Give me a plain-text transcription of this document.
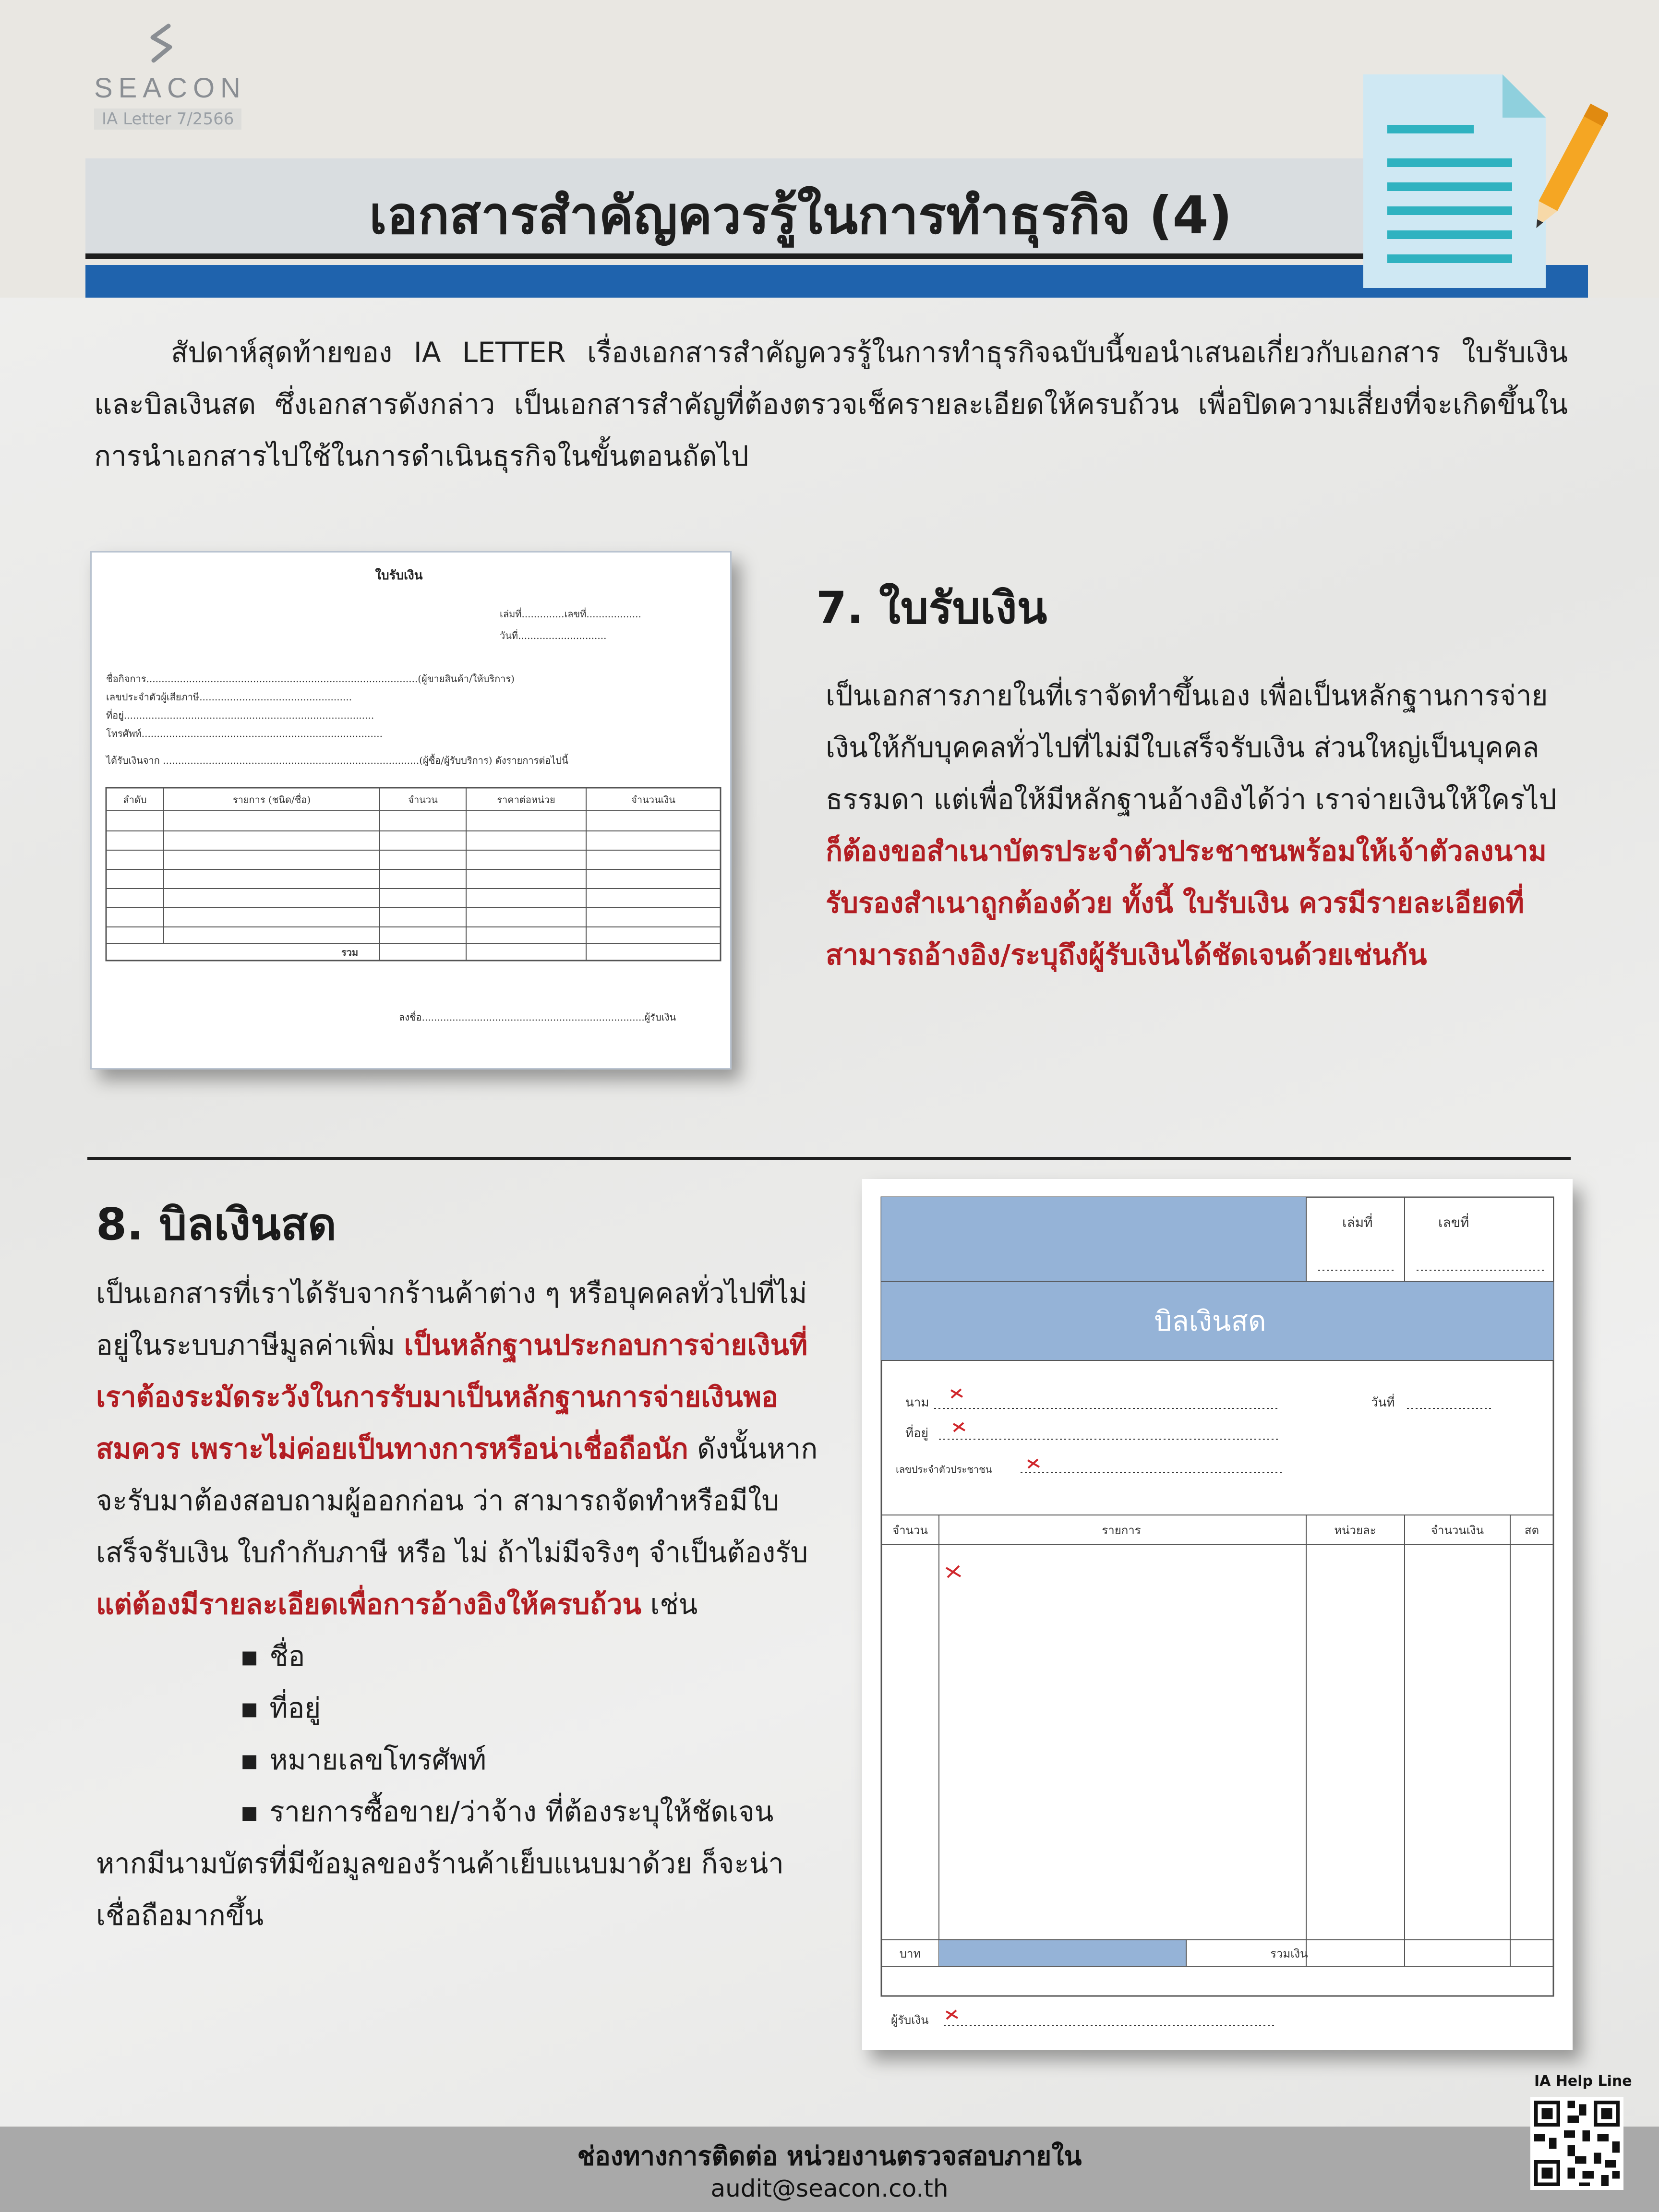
SEACON
IA Letter 7/2566
เอกสารสำคัญควรรู้ในการทำธุรกิจ (4)
สัปดาห์สุดท้ายของ IA LETTER เรื่องเอกสารสำคัญควรรู้ในการทำธุรกิจฉบับนี้ขอนำเสนอเกี่ยวกับเอกสาร ใบรับเงิน และบิลเงินสด ซึ่งเอกสารดังกล่าว เป็นเอกสารสำคัญที่ต้องตรวจเช็ครายละเอียดให้ครบถ้วน เพื่อปิดความเสี่ยงที่จะเกิดขึ้นในการนำเอกสารไปใช้ในการดำเนินธุรกิจในขั้นตอนถัดไป
ใบรับเงิน
เล่มที่..............เลขที่..................
วันที่.............................
ชื่อกิจการ.........................................................................................(ผู้ขายสินค้า/ให้บริการ)
เลขประจำตัวผู้เสียภาษี..................................................
ที่อยู่..................................................................................
โทรศัพท์...............................................................................
ได้รับเงินจาก ....................................................................................(ผู้ซื้อ/ผู้รับบริการ) ดังรายการต่อไปนี้
ลำดับ	รายการ (ชนิด/ชื่อ)	จำนวน	ราคาต่อหน่วย	จำนวนเงิน
รวม
ลงชื่อ.........................................................................ผู้รับเงิน
7. ใบรับเงิน
เป็นเอกสารภายในที่เราจัดทำขึ้นเอง เพื่อเป็นหลักฐานการจ่ายเงินให้กับบุคคลทั่วไปที่ไม่มีใบเสร็จรับเงิน ส่วนใหญ่เป็นบุคคลธรรมดา แต่เพื่อให้มีหลักฐานอ้างอิงได้ว่า เราจ่ายเงินให้ใครไป ก็ต้องขอสำเนาบัตรประจำตัวประชาชนพร้อมให้เจ้าตัวลงนามรับรองสำเนาถูกต้องด้วย ทั้งนี้ ใบรับเงิน ควรมีรายละเอียดที่สามารถอ้างอิง/ระบุถึงผู้รับเงินได้ชัดเจนด้วยเช่นกัน
8. บิลเงินสด
เป็นเอกสารที่เราได้รับจากร้านค้าต่าง ๆ หรือบุคคลทั่วไปที่ไม่อยู่ในระบบภาษีมูลค่าเพิ่ม เป็นหลักฐานประกอบการจ่ายเงินที่เราต้องระมัดระวังในการรับมาเป็นหลักฐานการจ่ายเงินพอสมควร เพราะไม่ค่อยเป็นทางการหรือน่าเชื่อถือนัก ดังนั้นหากจะรับมาต้องสอบถามผู้ออกก่อน ว่า สามารถจัดทำหรือมีใบเสร็จรับเงิน ใบกำกับภาษี หรือ ไม่ ถ้าไม่มีจริงๆ จำเป็นต้องรับ แต่ต้องมีรายละเอียดเพื่อการอ้างอิงให้ครบถ้วน เช่น
▪ ชื่อ
▪ ที่อยู่
▪ หมายเลขโทรศัพท์
▪ รายการซื้อขาย/ว่าจ้าง ที่ต้องระบุให้ชัดเจน
หากมีนามบัตรที่มีข้อมูลของร้านค้าเย็บแนบมาด้วย ก็จะน่าเชื่อถือมากขึ้น
เล่มที่	เลขที่
บิลเงินสด
นาม
ที่อยู่
วันที่
เลขประจำตัวประชาชน
จำนวน	รายการ	หน่วยละ	จำนวนเงิน	สต
บาท	รวมเงิน
ผู้รับเงิน
ช่องทางการติดต่อ หน่วยงานตรวจสอบภายใน
audit@seacon.co.th
IA Help Line
